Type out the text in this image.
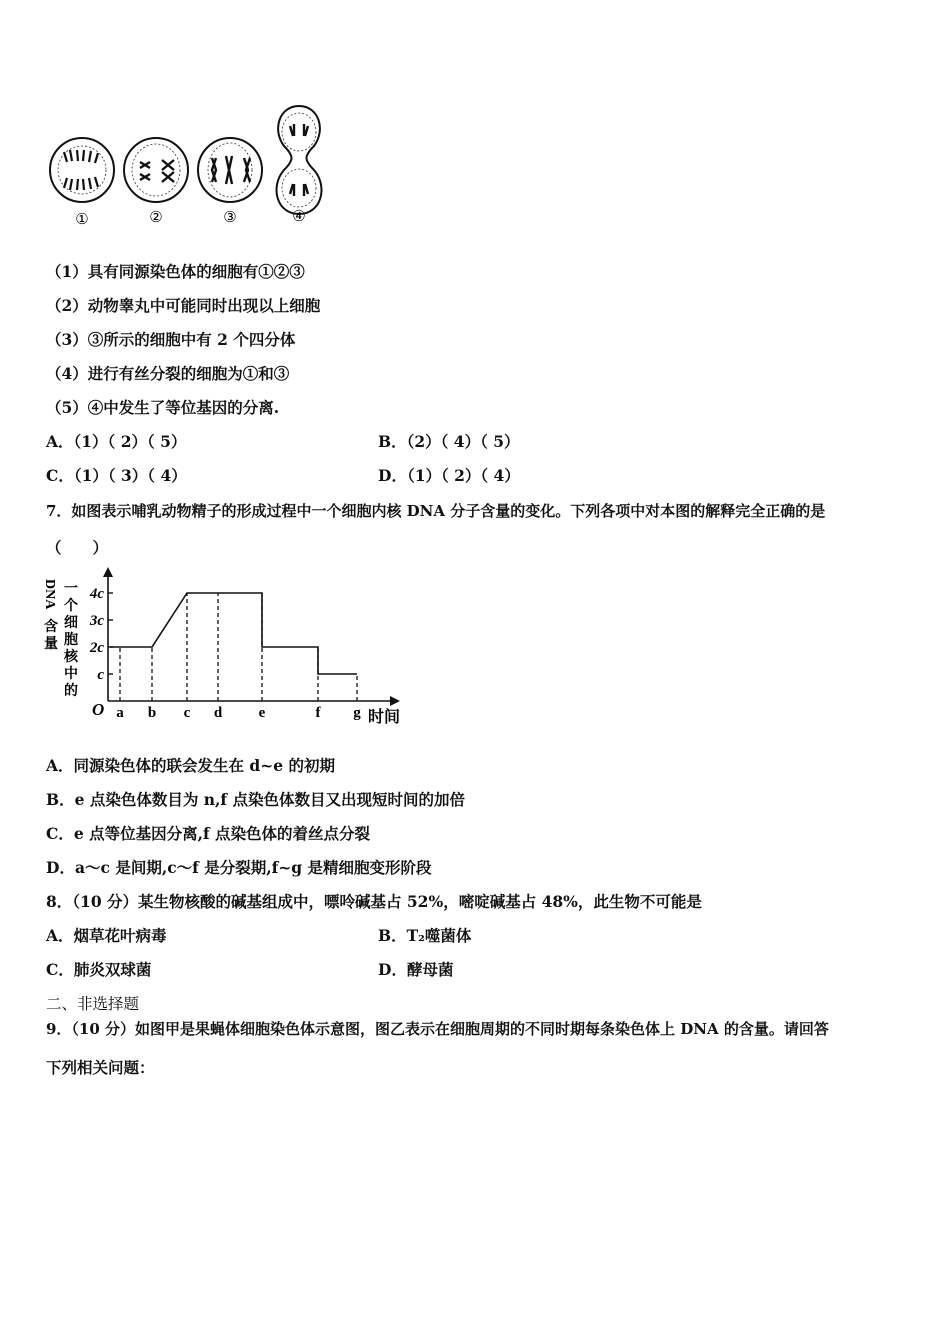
①	②	③	④
（1）具有同源染色体的细胞有①②③
（2）动物睾丸中可能同时出现以上细胞
（3）③所示的细胞中有 2 个四分体
（4）进行有丝分裂的细胞为①和③
（5）④中发生了等位基因的分离.
A．（1）（ 2）（ 5）	B．（2）（ 4）（ 5）
C．（1）（ 3）（ 4）	D．（1）（ 2）（ 4）
7．如图表示哺乳动物精子的形成过程中一个细胞内核 DNA 分子含量的变化。下列各项中对本图的解释完全正确的是
（　　）
DNA 一
个
细
胞
核
中
的
含
量
O	时间
c
2c
3c
4c
a b c d e	f g
A．同源染色体的联会发生在 d~e 的初期
B．e 点染色体数目为 n,f 点染色体数目又出现短时间的加倍
C．e 点等位基因分离,f 点染色体的着丝点分裂
D．a～c 是间期,c～f 是分裂期,f~g 是精细胞变形阶段
8．（10 分）某生物核酸的碱基组成中，嘌呤碱基占 52%，嘧啶碱基占 48%，此生物不可能是
A．烟草花叶病毒	B．T₂噬菌体
C．肺炎双球菌	D．酵母菌
二、非选择题
9．（10 分）如图甲是果蝇体细胞染色体示意图，图乙表示在细胞周期的不同时期每条染色体上 DNA 的含量。请回答
下列相关问题：
